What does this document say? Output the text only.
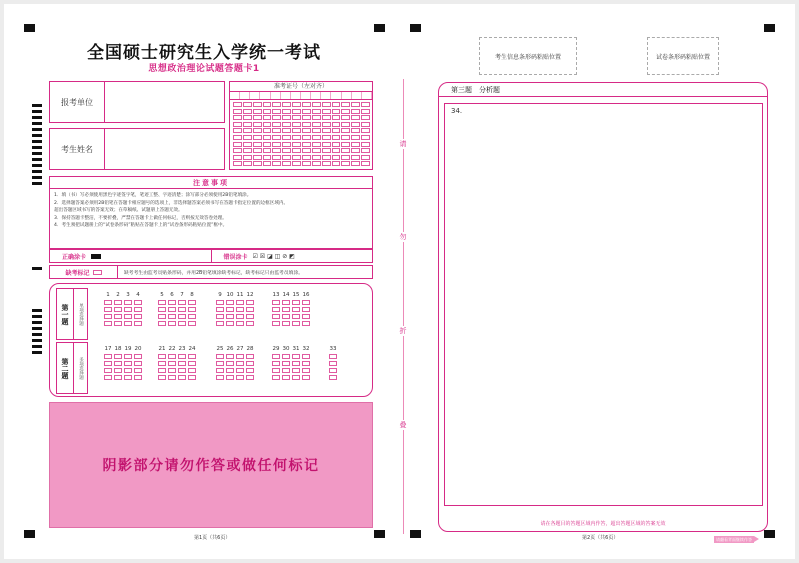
全国硕士研究生入学统一考试
思想政治理论试题答题卡1
报考单位
考生姓名
准考证号（左对齐）
注意事项
1．填（书）写必须使用黑色字迹签字笔，笔迹工整、字迹清楚；涂写部分必须使用2B铅笔填涂。
2．选择题答案必须用2B铅笔在答题卡相应题号的选项上，非选择题答案必须书写在答题卡指定位置的边框区域内。
超出答题区域书写的答案无效；在草稿纸、试题册上答题无效。
3．保持答题卡整洁，不要折叠，严禁在答题卡上做任何标记，否则按无效答卷处理。
4．考生须把试题册上的“试卷条形码”粘贴在答题卡上的“试卷条形码粘贴位置”框中。
正确涂卡	错误涂卡 ☑ ☒ ◪ ◫ ⊘ ◩
缺考标记	缺考考生由监考员贴条形码，并用2B铅笔填涂缺考标记，缺考标记只由监考员填涂。
第一题	单项选择题
1	2	3	4	5	6	7	8	9 10 11 12	13 14 15 16
第二题	多项选择题
17 18 19 20	21 22 23 24	25 26 27 28	29 30 31 32	33
阴影部分请勿作答或做任何标记
第1页（共6页）	第2页（共6页）
请
勿
折
叠
考生信息条形码粘贴位置	试卷条形码粘贴位置
第三题　分析题
34.
请在各题目的答题区域内作答，超出答题区域的答案无效
请翻看背面继续作答
